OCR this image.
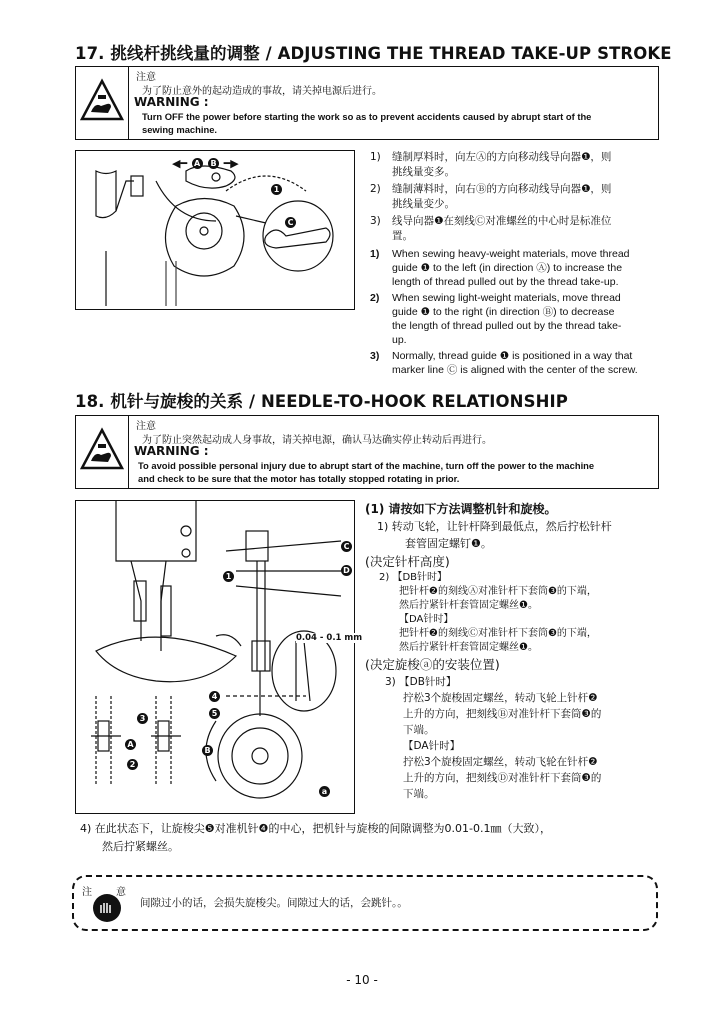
17. 挑线杆挑线量的调整 / ADJUSTING THE THREAD TAKE-UP STROKE
注意
为了防止意外的起动造成的事故，请关掉电源后进行。
WARNING :
Turn OFF the power before starting the work so as to prevent accidents caused by abrupt start of the
sewing machine.
◀━ A B ━▶
1
C
1) 缝制厚料时，向左Ⓐ的方向移动线导向器❶，则
挑线量变多。
2) 缝制薄料时，向右Ⓑ的方向移动线导向器❶，则
挑线量变少。
3) 线导向器❶在刻线Ⓒ对准螺丝的中心时是标准位
置。
1) When sewing heavy-weight materials, move thread
guide ❶ to the left (in direction Ⓐ) to increase the
length of thread pulled out by the thread take-up.
2) When sewing light-weight materials, move thread
guide ❶ to the right (in direction Ⓑ) to decrease
the length of thread pulled out by the thread take-
up.
3) Normally, thread guide ❶ is positioned in a way that
marker line Ⓒ is aligned with the center of the screw.
18. 机针与旋梭的关系 / NEEDLE-TO-HOOK RELATIONSHIP
注意
为了防止突然起动成人身事故，请关掉电源，确认马达确实停止转动后再进行。
WARNING :
To avoid possible personal injury due to abrupt start of the machine, turn off the power to the machine
and check to be sure that the motor has totally stopped rotating in prior.
1
2
3
4
5
A
B
C
D
a
0.04 - 0.1 mm
(1) 请按如下方法调整机针和旋梭。
1) 转动飞轮，让针杆降到最低点，然后拧松针杆
套管固定螺钉❶。
(决定针杆高度)
2) 【DB针时】
把针杆❷的刻线Ⓐ对准针杆下套筒❸的下端，
然后拧紧针杆套管固定螺丝❶。
【DA针时】
把针杆❷的刻线Ⓒ对准针杆下套筒❸的下端，
然后拧紧针杆套管固定螺丝❶。
(决定旋梭ⓐ的安装位置)
3) 【DB针时】
拧松3个旋梭固定螺丝，转动飞轮上针杆❷
上升的方向，把刻线Ⓑ对准针杆下套筒❸的
下端。
【DA针时】
拧松3个旋梭固定螺丝，转动飞轮在针杆❷
上升的方向，把刻线Ⓓ对准针杆下套筒❸的
下端。
4) 在此状态下，让旋梭尖❺对准机针❹的中心，把机针与旋梭的间隙调整为0.01-0.1㎜（大致），
然后拧紧螺丝。
注 意
间隙过小的话，会损失旋梭尖。间隙过大的话，会跳针。。
- 10 -
